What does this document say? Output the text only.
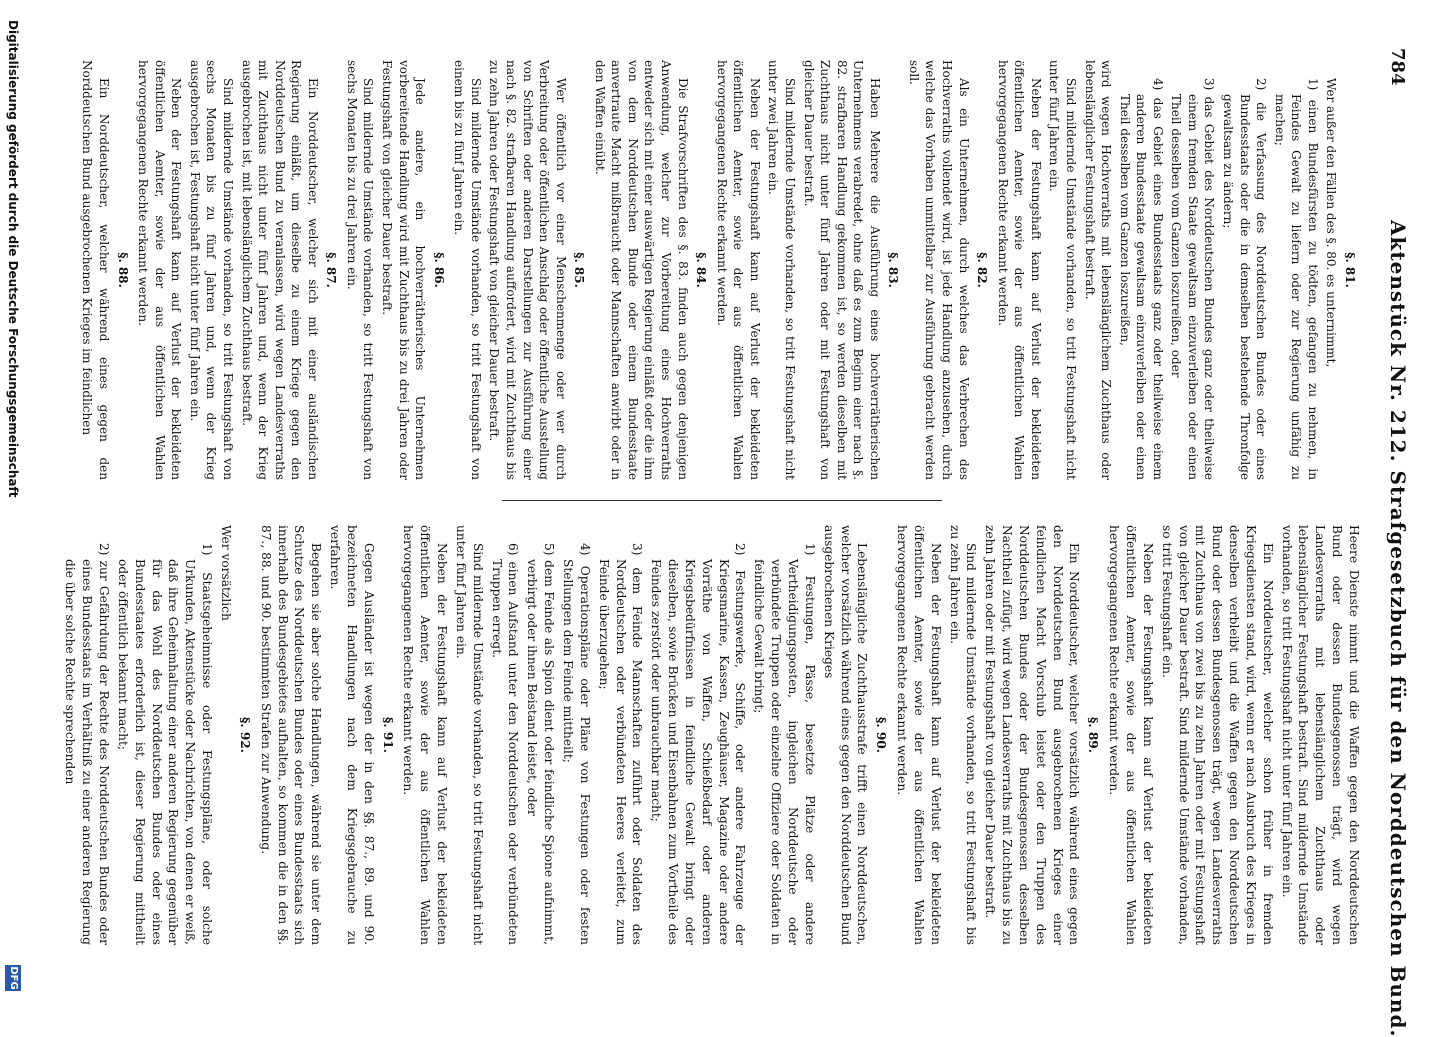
784
Aktenstück Nr. 212. Strafgesetzbuch für den Norddeutschen Bund.

§. 81.

Wer außer den Fällen des §. 80. es unternimmt,

1) einen Bundesfürsten zu tödten, gefangen zu nehmen, in Feindes Gewalt zu liefern oder zur Regierung unfähig zu machen;

2) die Verfassung des Norddeutschen Bundes oder eines Bundesstaats oder die in demselben bestehende Thronfolge gewaltsam zu ändern;

3) das Gebiet des Norddeutschen Bundes ganz oder theilweise einem fremden Staate gewaltsam einzuverleiben oder einen Theil desselben vom Ganzen loszureißen, oder

4) das Gebiet eines Bundesstaats ganz oder theilweise einem anderen Bundesstaate gewaltsam einzuverleiben oder einen Theil desselben vom Ganzen loszureißen,

wird wegen Hochverraths mit lebenslänglichem Zuchthaus oder lebenslänglicher Festungshaft bestraft.

Sind mildernde Umstände vorhanden, so tritt Festungshaft nicht unter fünf Jahren ein.

Neben der Festungshaft kann auf Verlust der bekleideten öffentlichen Aemter, sowie der aus öffentlichen Wahlen hervorgegangenen Rechte erkannt werden.

§. 82.

Als ein Unternehmen, durch welches das Verbrechen des Hochverraths vollendet wird, ist jede Handlung anzusehen, durch welche das Vorhaben unmittelbar zur Ausführung gebracht werden soll.

§. 83.

Haben Mehrere die Ausführung eines hochverrätherischen Unternehmens verabredet, ohne daß es zum Beginn einer nach §. 82. strafbaren Handlung gekommen ist, so werden dieselben mit Zuchthaus nicht unter fünf Jahren oder mit Festungshaft von gleicher Dauer bestraft.

Sind mildernde Umstände vorhanden, so tritt Festungshaft nicht unter zwei Jahren ein.

Neben der Festungshaft kann auf Verlust der bekleideten öffentlichen Aemter, sowie der aus öffentlichen Wahlen hervorgegangenen Rechte erkannt werden.

§. 84.

Die Strafvorschriften des §. 83. finden auch gegen denjenigen Anwendung, welcher zur Vorbereitung eines Hochverraths entweder sich mit einer auswärtigen Regierung einläßt oder die ihm von dem Norddeutschen Bunde oder einem Bundesstaate anvertraute Macht mißbraucht oder Mannschaften anwirbt oder in den Waffen einübt.

§. 85.

Wer öffentlich vor einer Menschenmenge oder wer durch Verbreitung oder öffentlichen Anschlag oder öffentliche Ausstellung von Schriften oder anderen Darstellungen zur Ausführung einer nach §. 82. strafbaren Handlung auffordert, wird mit Zuchthaus bis zu zehn Jahren oder Festungshaft von gleicher Dauer bestraft.

Sind mildernde Umstände vorhanden, so tritt Festungshaft von einem bis zu fünf Jahren ein.

§. 86.

Jede andere, ein hochverrätherisches Unternehmen vorbereitende Handlung wird mit Zuchthaus bis zu drei Jahren oder Festungshaft von gleicher Dauer bestraft.

Sind mildernde Umstände vorhanden, so tritt Festungshaft von sechs Monaten bis zu drei Jahren ein.

§. 87.

Ein Norddeutscher, welcher sich mit einer ausländischen Regierung einläßt, um dieselbe zu einem Kriege gegen den Norddeutschen Bund zu veranlassen, wird wegen Landesverraths mit Zuchthaus nicht unter fünf Jahren und, wenn der Krieg ausgebrochen ist, mit lebenslänglichem Zuchthaus bestraft.

Sind mildernde Umstände vorhanden, so tritt Festungshaft von sechs Monaten bis zu fünf Jahren und, wenn der Krieg ausgebrochen ist, Festungshaft nicht unter fünf Jahren ein.

Neben der Festungshaft kann auf Verlust der bekleideten öffentlichen Aemter, sowie der aus öffentlichen Wahlen hervorgegangenen Rechte erkannt werden.

§. 88.

Ein Norddeutscher, welcher während eines gegen den Norddeutschen Bund ausgebrochenen Krieges im feindlichen

Heere Dienste nimmt und die Waffen gegen den Norddeutschen Bund oder dessen Bundesgenossen trägt, wird wegen Landesverraths mit lebenslänglichem Zuchthaus oder lebenslänglicher Festungshaft bestraft. Sind mildernde Umstände vorhanden, so tritt Festungshaft nicht unter fünf Jahren ein.

Ein Norddeutscher, welcher schon früher in fremden Kriegsdiensten stand, wird, wenn er nach Ausbruch des Krieges in denselben verbleibt und die Waffen gegen den Norddeutschen Bund oder dessen Bundesgenossen trägt, wegen Landesverraths mit Zuchthaus von zwei bis zu zehn Jahren oder mit Festungshaft von gleicher Dauer bestraft. Sind mildernde Umstände vorhanden, so tritt Festungshaft ein.

Neben der Festungshaft kann auf Verlust der bekleideten öffentlichen Aemter, sowie der aus öffentlichen Wahlen hervorgegangenen Rechte erkannt werden.

§. 89.

Ein Norddeutscher, welcher vorsätzlich während eines gegen den Norddeutschen Bund ausgebrochenen Krieges einer feindlichen Macht Vorschub leistet oder den Truppen des Norddeutschen Bundes oder der Bundesgenossen desselben Nachtheil zufügt, wird wegen Landesverraths mit Zuchthaus bis zu zehn Jahren oder mit Festungshaft von gleicher Dauer bestraft.

Sind mildernde Umstände vorhanden, so tritt Festungshaft bis zu zehn Jahren ein.

Neben der Festungshaft kann auf Verlust der bekleideten öffentlichen Aemter, sowie der aus öffentlichen Wahlen hervorgegangenen Rechte erkannt werden.

§. 90.

Lebenslängliche Zuchthausstrafe trifft einen Norddeutschen, welcher vorsätzlich während eines gegen den Norddeutschen Bund ausgebrochenen Krieges

1) Festungen, Pässe, besetzte Plätze oder andere Vertheidigungsposten, ingleichen Norddeutsche oder verbündete Truppen oder einzelne Offiziere oder Soldaten in feindliche Gewalt bringt;

2) Festungswerke, Schiffe, oder andere Fahrzeuge der Kriegsmarine, Kassen, Zeughäuser, Magazine oder andere Vorräthe von Waffen, Schießbedarf oder anderen Kriegsbedürfnissen in feindliche Gewalt bringt oder dieselben, sowie Brücken und Eisenbahnen zum Vortheile des Feindes zerstört oder unbrauchbar macht;

3) dem Feinde Mannschaften zuführt oder Soldaten des Norddeutschen oder verbündeten Heeres verleitet, zum Feinde überzugehen;

4) Operationspläne oder Pläne von Festungen oder festen Stellungen dem Feinde mittheilt;

5) dem Feinde als Spion dient oder feindliche Spione aufnimmt, verbirgt oder ihnen Beistand leistet, oder

6) einen Aufstand unter den Norddeutschen oder verbündeten Truppen erregt.

Sind mildernde Umstände vorhanden, so tritt Festungshaft nicht unter fünf Jahren ein.

Neben der Festungshaft kann auf Verlust der bekleideten öffentlichen Aemter, sowie der aus öffentlichen Wahlen hervorgegangenen Rechte erkannt werden.

§. 91.

Gegen Ausländer ist wegen der in den §§. 87., 89. und 90. bezeichneten Handlungen nach dem Kriegsgebrauche zu verfahren.

Begehen sie aber solche Handlungen, während sie unter dem Schutze des Norddeutschen Bundes oder eines Bundesstaats sich innerhalb des Bundesgebietes aufhalten, so kommen die in den §§. 87., 88. und 90. bestimmten Strafen zur Anwendung.

§. 92.

Wer vorsätzlich

1) Staatsgeheimnisse oder Festungspläne, oder solche Urkunden, Aktenstücke oder Nachrichten, von denen er weiß, daß ihre Geheimhaltung einer anderen Regierung gegenüber für das Wohl des Norddeutschen Bundes oder eines Bundesstaates erforderlich ist, dieser Regierung mittheilt oder öffentlich bekannt macht;

2) zur Gefährdung der Rechte des Norddeutschen Bundes oder eines Bundesstaats im Verhältniß zu einer anderen Regierung die über solche Rechte sprechenden

Digitalisierung gefördert durch die Deutsche Forschungsgemeinschaft
DFG
